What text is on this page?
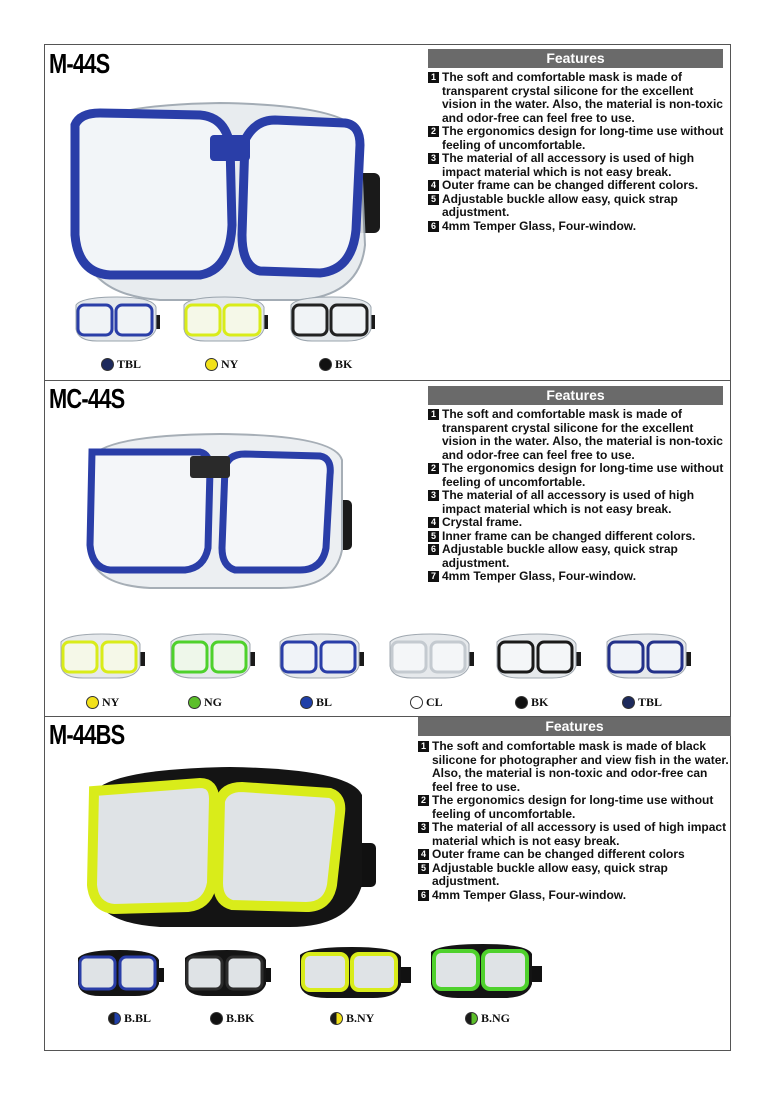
M-44S	Features
1 The soft and comfortable mask is made of transparent crystal silicone for the excellent vision in the water. Also, the material is non-toxic and odor-free can feel free to use.
2 The ergonomics design for long-time use without feeling of uncomfortable.
3 The material of all accessory is used of high impact material which is not easy break.
4 Outer frame can be changed different colors.
5 Adjustable buckle allow easy, quick strap adjustment.
6 4mm Temper Glass, Four-window.
TBL	NY	BK
MC-44S	Features
1 The soft and comfortable mask is made of transparent crystal silicone for the excellent vision in the water. Also, the material is non-toxic and odor-free can feel free to use.
2 The ergonomics design for long-time use without feeling of uncomfortable.
3 The material of all accessory is used of high impact material which is not easy break.
4 Crystal frame.
5 Inner frame can be changed different colors.
6 Adjustable buckle allow easy, quick strap adjustment.
7 4mm Temper Glass, Four-window.
NY	NG	BL	CL	BK	TBL
M-44BS	Features
1 The soft and comfortable mask is made of black silicone for photographer and view fish in the water. Also, the material is non-toxic and odor-free can feel free to use.
2 The ergonomics design for long-time use without feeling of uncomfortable.
3 The material of all accessory is used of high impact material which is not easy break.
4 Outer frame can be changed different colors
5 Adjustable buckle allow easy, quick strap adjustment.
6 4mm Temper Glass, Four-window.
B.BL	B.BK	B.NY	B.NG
